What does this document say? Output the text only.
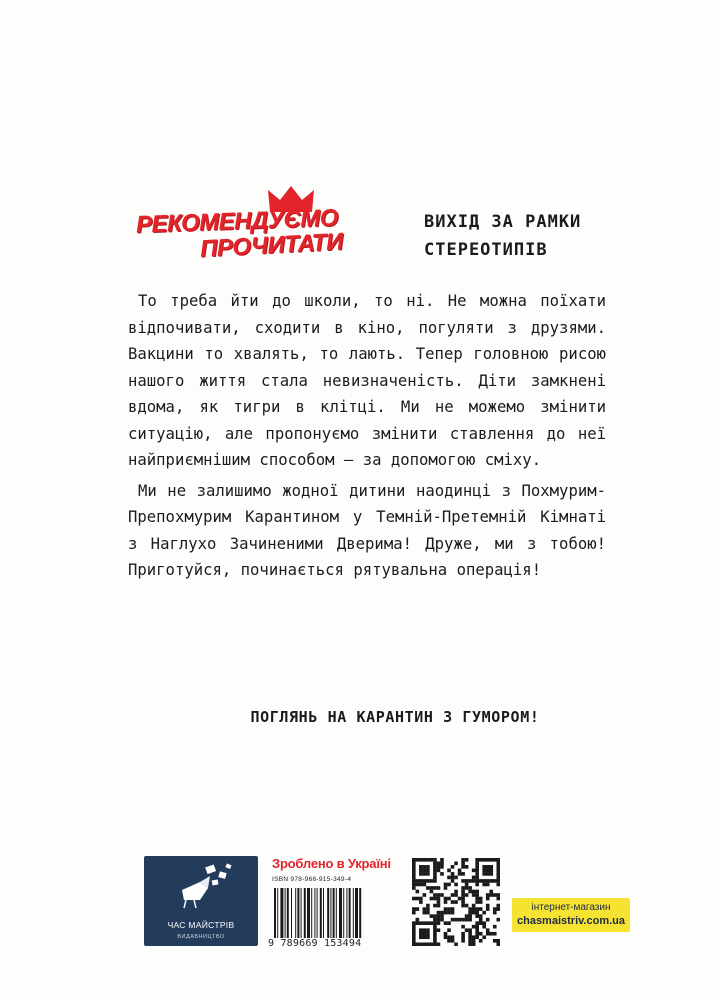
РЕКОМЕНДУЄМО
ПРОЧИТАТИ
ВИХІД ЗА РАМКИ
СТЕРЕОТИПІВ

То треба йти до школи, то ні. Не можна поїхати відпочивати, сходити в кіно, погуляти з друзями. Вакцини то хвалять, то лають. Тепер головною рисою нашого життя стала невизначеність. Діти замкнені вдома, як тигри в клітці. Ми не можемо змінити ситуацію, але пропонуємо змінити ставлення до неї найприємнішим способом – за допомогою сміху.

Ми не залишимо жодної дитини наодинці з Похмурим-Препохмурим Карантином у Темній-Претемній Кімнаті з Наглухо Зачиненими Дверима! Друже, ми з тобою! Приготуйся, починається рятувальна операція!

ПОГЛЯНЬ НА КАРАНТИН З ГУМОРОМ!
ЧАС МАЙСТРІВ
ВИДАВНИЦТВО
Зроблено в Україні
ISBN 978-966-915-349-4
9 789669 153494
інтернет-магазин
chasmaistriv.com.ua
